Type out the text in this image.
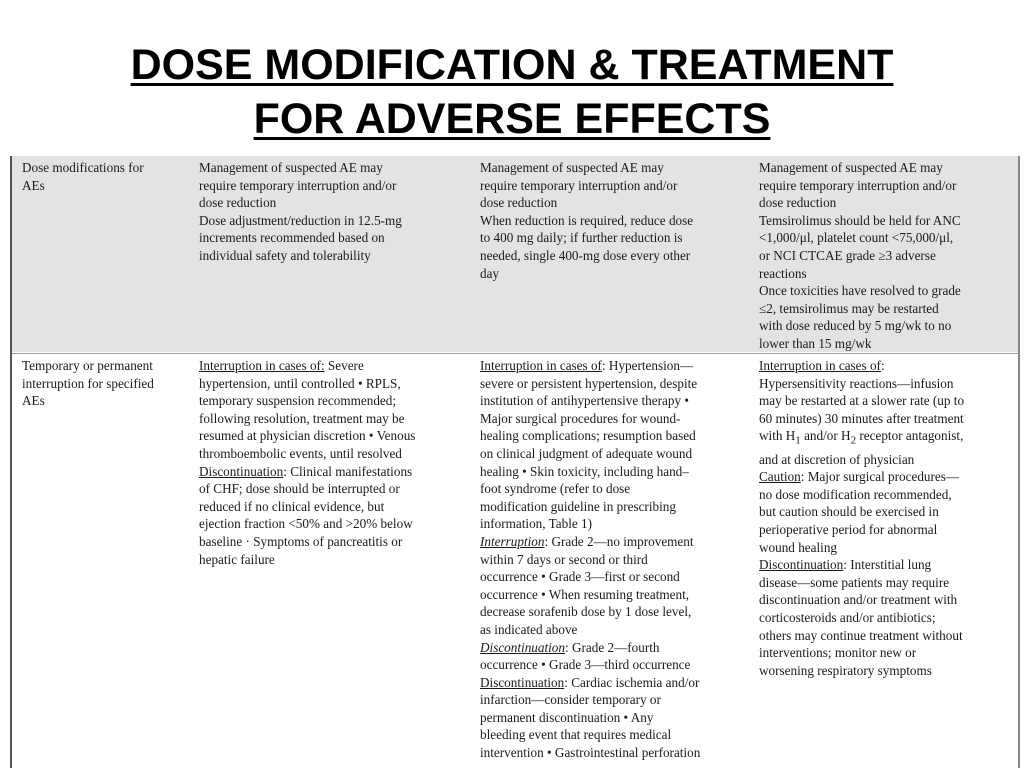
DOSE MODIFICATION & TREATMENT
FOR ADVERSE EFFECTS
Dose modifications for
AEs
Management of suspected AE may
require temporary interruption and/or
dose reduction
Dose adjustment/reduction in 12.5-mg
increments recommended based on
individual safety and tolerability
Management of suspected AE may
require temporary interruption and/or
dose reduction
When reduction is required, reduce dose
to 400 mg daily; if further reduction is
needed, single 400-mg dose every other
day
Management of suspected AE may
require temporary interruption and/or
dose reduction
Temsirolimus should be held for ANC
<1,000/μl, platelet count <75,000/μl,
or NCI CTCAE grade ≥3 adverse
reactions
Once toxicities have resolved to grade
≤2, temsirolimus may be restarted
with dose reduced by 5 mg/wk to no
lower than 15 mg/wk
Temporary or permanent
interruption for specified
AEs
Interruption in cases of: Severe
hypertension, until controlled • RPLS,
temporary suspension recommended;
following resolution, treatment may be
resumed at physician discretion • Venous
thromboembolic events, until resolved
Discontinuation: Clinical manifestations
of CHF; dose should be interrupted or
reduced if no clinical evidence, but
ejection fraction <50% and >20% below
baseline · Symptoms of pancreatitis or
hepatic failure
Interruption in cases of: Hypertension—
severe or persistent hypertension, despite
institution of antihypertensive therapy •
Major surgical procedures for wound-
healing complications; resumption based
on clinical judgment of adequate wound
healing • Skin toxicity, including hand–
foot syndrome (refer to dose
modification guideline in prescribing
information, Table 1)
Interruption: Grade 2—no improvement
within 7 days or second or third
occurrence • Grade 3—first or second
occurrence • When resuming treatment,
decrease sorafenib dose by 1 dose level,
as indicated above
Discontinuation: Grade 2—fourth
occurrence • Grade 3—third occurrence
Discontinuation: Cardiac ischemia and/or
infarction—consider temporary or
permanent discontinuation • Any
bleeding event that requires medical
intervention • Gastrointestinal perforation
Interruption in cases of:
Hypersensitivity reactions—infusion
may be restarted at a slower rate (up to
60 minutes) 30 minutes after treatment
with $H_1$ and/or $H_2$ receptor antagonist,
and at discretion of physician
Caution: Major surgical procedures—
no dose modification recommended,
but caution should be exercised in
perioperative period for abnormal
wound healing
Discontinuation: Interstitial lung
disease—some patients may require
discontinuation and/or treatment with
corticosteroids and/or antibiotics;
others may continue treatment without
interventions; monitor new or
worsening respiratory symptoms
